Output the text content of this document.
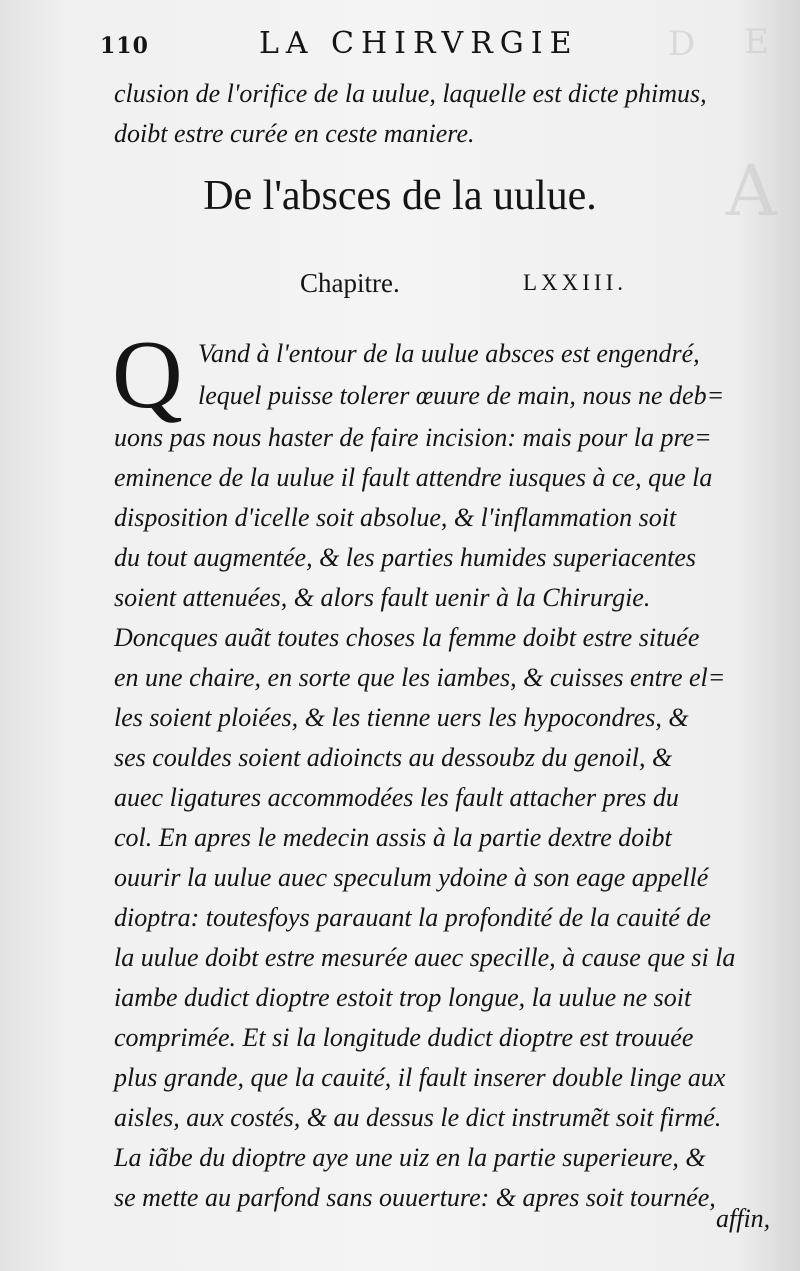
D E
A
110	LA CHIRVRGIE
clusion de l'orifice de la uulue, laquelle est dicte phimus,
doibt estre curée en ceste maniere.
De l'absces de la uulue.
Chapitre.	LXXIII.
Q Vand à l'entour de la uulue absces est engendré,
lequel puisse tolerer œuure de main, nous ne deb=
uons pas nous haster de faire incision: mais pour la pre=
eminence de la uulue il fault attendre iusques à ce, que la
disposition d'icelle soit absolue, & l'inflammation soit
du tout augmentée, & les parties humides superiacentes
soient attenuées, & alors fault uenir à la Chirurgie.
Doncques auãt toutes choses la femme doibt estre située
en une chaire, en sorte que les iambes, & cuisses entre el=
les soient ploiées, & les tienne uers les hypocondres, &
ses couldes soient adioincts au dessoubz du genoil, &
auec ligatures accommodées les fault attacher pres du
col. En apres le medecin assis à la partie dextre doibt
ouurir la uulue auec speculum ydoine à son eage appellé
dioptra: toutesfoys parauant la profondité de la cauité de
la uulue doibt estre mesurée auec specille, à cause que si la
iambe dudict dioptre estoit trop longue, la uulue ne soit
comprimée. Et si la longitude dudict dioptre est trouuée
plus grande, que la cauité, il fault inserer double linge aux
aisles, aux costés, & au dessus le dict instrumẽt soit firmé.
La iãbe du dioptre aye une uiz en la partie superieure, &
se mette au parfond sans ouuerture: & apres soit tournée,
affin,
